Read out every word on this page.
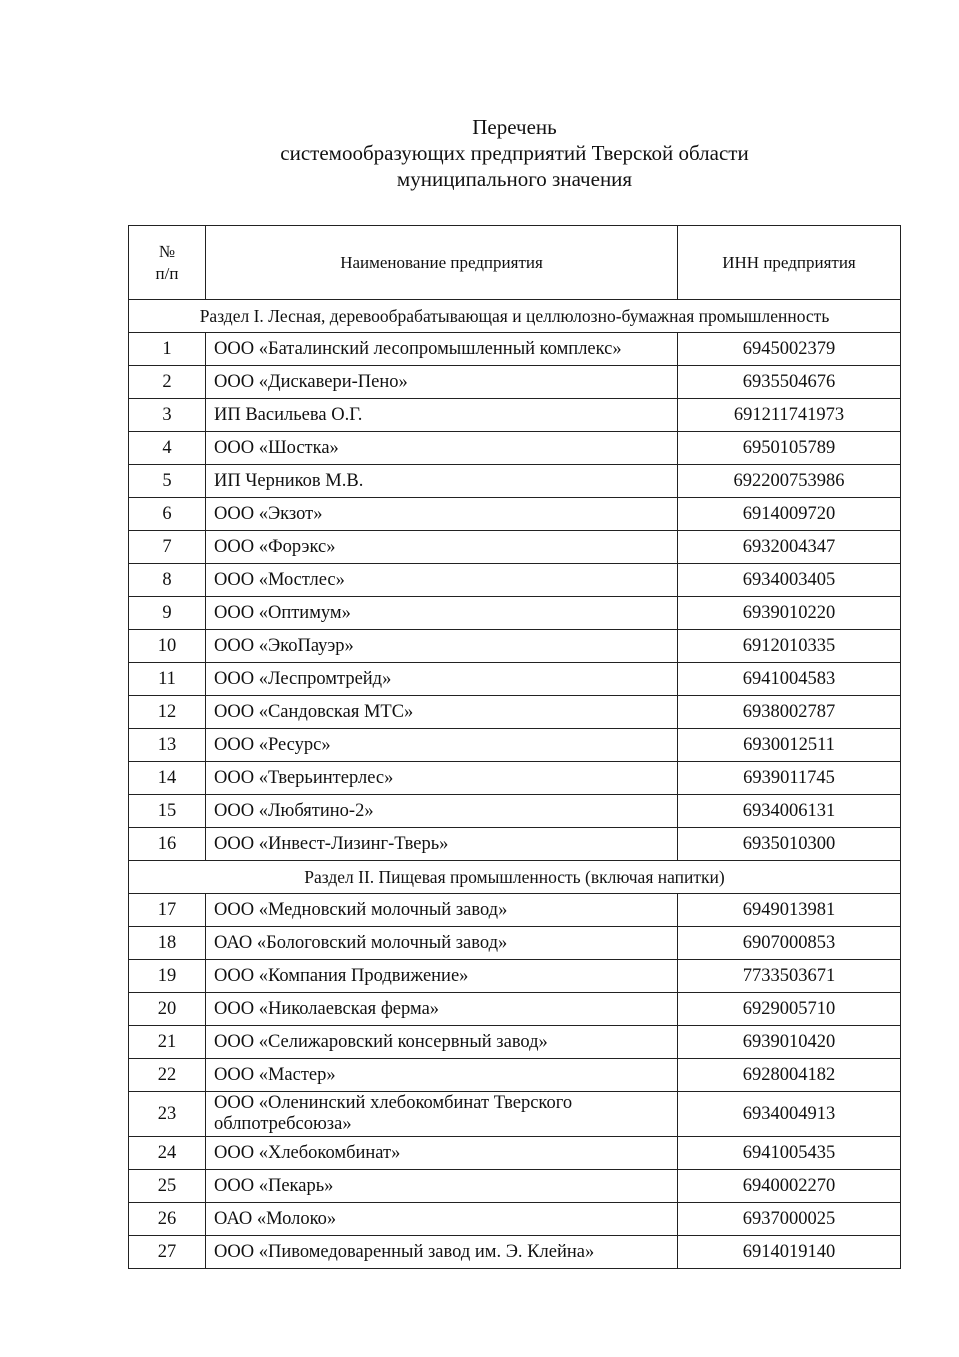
Перечень
системообразующих предприятий Тверской области
муниципального значения
№
п/п	Наименование предприятия	ИНН предприятия
Раздел I. Лесная, деревообрабатывающая и целлюлозно-бумажная промышленность		
1	ООО «Баталинский лесопромышленный комплекс»	6945002379
2	ООО «Дискавери-Пено»	6935504676
3	ИП Васильева О.Г.	691211741973
4	ООО «Шостка»	6950105789
5	ИП Черников М.В.	692200753986
6	ООО «Экзот»	6914009720
7	ООО «Форэкс»	6932004347
8	ООО «Мостлес»	6934003405
9	ООО «Оптимум»	6939010220
10	ООО «ЭкоПауэр»	6912010335
11	ООО «Леспромтрейд»	6941004583
12	ООО «Сандовская МТС»	6938002787
13	ООО «Ресурс»	6930012511
14	ООО «Тверьинтерлес»	6939011745
15	ООО «Любятино-2»	6934006131
16	ООО «Инвест-Лизинг-Тверь»	6935010300
Раздел II. Пищевая промышленность (включая напитки)		
17	ООО «Медновский молочный завод»	6949013981
18	ОАО «Бологовский молочный завод»	6907000853
19	ООО «Компания Продвижение»	7733503671
20	ООО «Николаевская ферма»	6929005710
21	ООО «Селижаровский консервный завод»	6939010420
22	ООО «Мастер»	6928004182
23	ООО «Оленинский хлебокомбинат Тверского облпотребсоюза»	6934004913
24	ООО «Хлебокомбинат»	6941005435
25	ООО «Пекарь»	6940002270
26	ОАО «Молоко»	6937000025
27	ООО «Пивомедоваренный завод им. Э. Клейна»	6914019140
